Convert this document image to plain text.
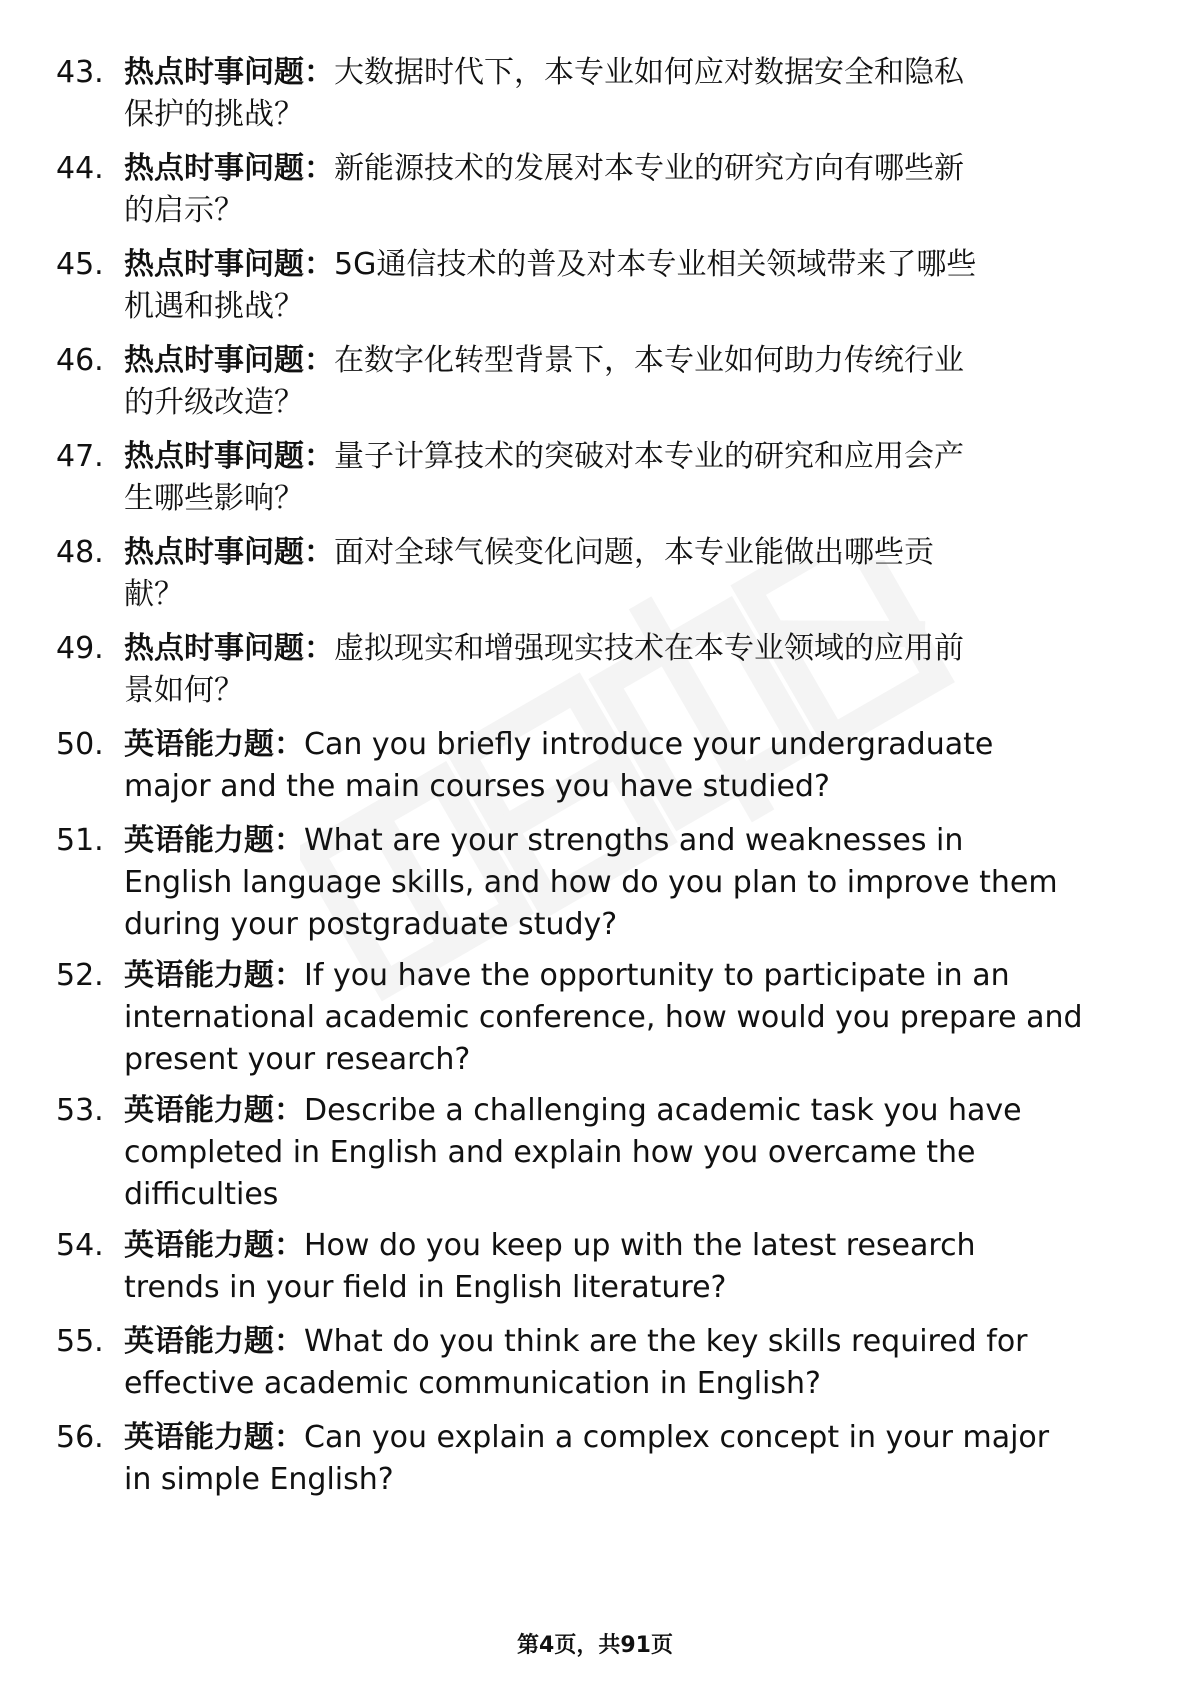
43. 热点时事问题：大数据时代下，本专业如何应对数据安全和隐私
保护的挑战？
44. 热点时事问题：新能源技术的发展对本专业的研究方向有哪些新
的启示？
45. 热点时事问题：5G通信技术的普及对本专业相关领域带来了哪些
机遇和挑战？
46. 热点时事问题：在数字化转型背景下，本专业如何助力传统行业
的升级改造？
47. 热点时事问题：量子计算技术的突破对本专业的研究和应用会产
生哪些影响？
48. 热点时事问题：面对全球气候变化问题，本专业能做出哪些贡
献？
49. 热点时事问题：虚拟现实和增强现实技术在本专业领域的应用前
景如何？
50. 英语能力题：Can you briefly introduce your undergraduate
major and the main courses you have studied?
51. 英语能力题：What are your strengths and weaknesses in
English language skills, and how do you plan to improve them
during your postgraduate study?
52. 英语能力题：If you have the opportunity to participate in an
international academic conference, how would you prepare and
present your research?
53. 英语能力题：Describe a challenging academic task you have
completed in English and explain how you overcame the
difficulties
54. 英语能力题：How do you keep up with the latest research
trends in your field in English literature?
55. 英语能力题：What do you think are the key skills required for
effective academic communication in English?
56. 英语能力题：Can you explain a complex concept in your major
in simple English?
第4页，共91页
